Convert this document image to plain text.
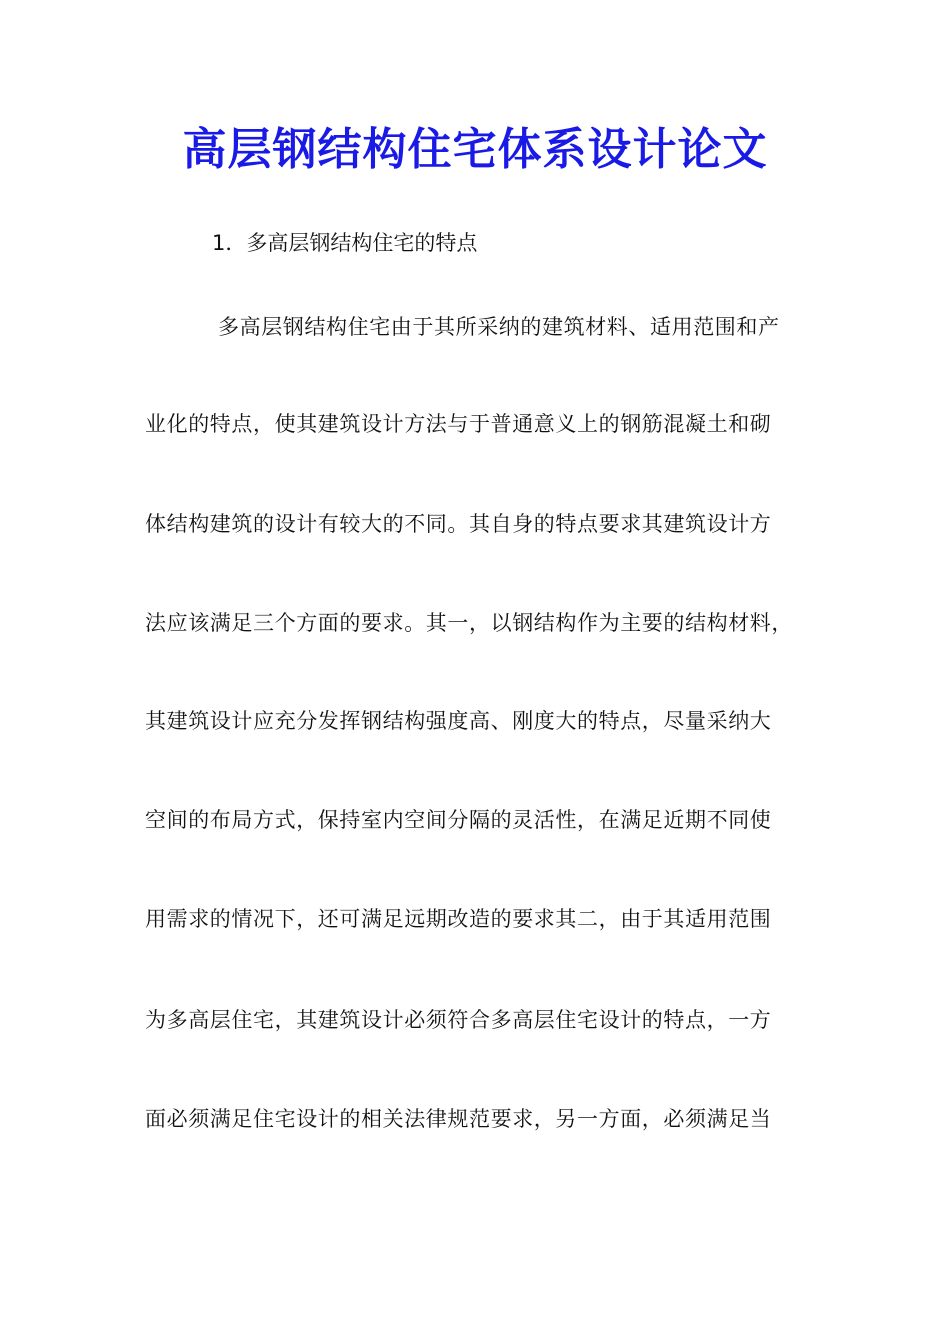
高层钢结构住宅体系设计论文
1．多高层钢结构住宅的特点
多高层钢结构住宅由于其所采纳的建筑材料、适用范围和产
业化的特点，使其建筑设计方法与于普通意义上的钢筋混凝土和砌
体结构建筑的设计有较大的不同。其自身的特点要求其建筑设计方
法应该满足三个方面的要求。其一，以钢结构作为主要的结构材料，
其建筑设计应充分发挥钢结构强度高、刚度大的特点，尽量采纳大
空间的布局方式，保持室内空间分隔的灵活性，在满足近期不同使
用需求的情况下，还可满足远期改造的要求其二，由于其适用范围
为多高层住宅，其建筑设计必须符合多高层住宅设计的特点，一方
面必须满足住宅设计的相关法律规范要求，另一方面，必须满足当
